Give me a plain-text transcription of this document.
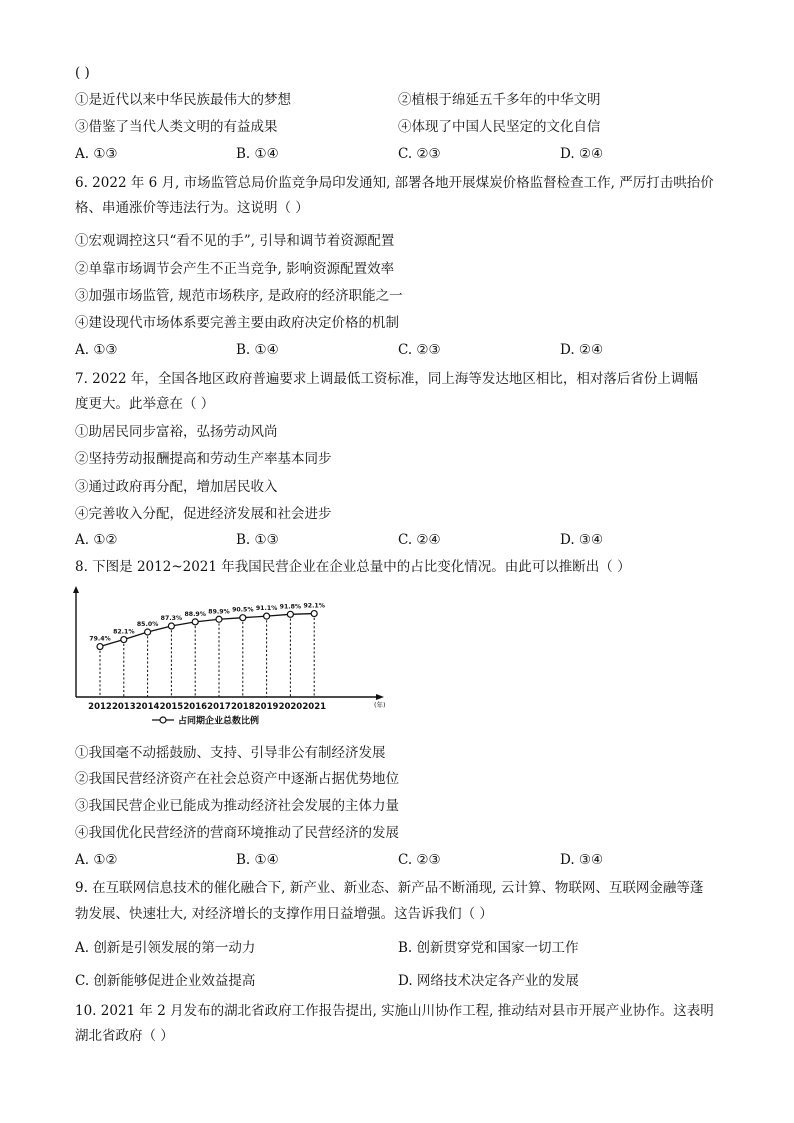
( )
①是近代以来中华民族最伟大的梦想	②植根于绵延五千多年的中华文明
③借鉴了当代人类文明的有益成果	④体现了中国人民坚定的文化自信
A. ①③	B. ①④	C. ②③	D. ②④
6. 2022 年 6 月, 市场监管总局价监竞争局印发通知, 部署各地开展煤炭价格监督检查工作, 严厉打击哄抬价
格、串通涨价等违法行为。这说明（ ）
①宏观调控这只“看不见的手”, 引导和调节着资源配置
②单靠市场调节会产生不正当竞争, 影响资源配置效率
③加强市场监管, 规范市场秩序, 是政府的经济职能之一
④建设现代市场体系要完善主要由政府决定价格的机制
A. ①③	B. ①④	C. ②③	D. ②④
7. 2022 年，全国各地区政府普遍要求上调最低工资标准，同上海等发达地区相比，相对落后省份上调幅
度更大。此举意在（ ）
①助居民同步富裕，弘扬劳动风尚
②坚持劳动报酬提高和劳动生产率基本同步
③通过政府再分配，增加居民收入
④完善收入分配，促进经济发展和社会进步
A. ①②	B. ①③	C. ②④	D. ③④
8. 下图是 2012~2021 年我国民营企业在企业总量中的占比变化情况。由此可以推断出（ ）
(年)
79.4%
82.1%
85.0%
87.3%
88.9% 89.9% 90.5% 91.1% 91.8% 92.1%
2012 2013 2014 2015 2016 2017 2018 2019 2020 2021
占同期企业总数比例
①我国毫不动摇鼓励、支持、引导非公有制经济发展
②我国民营经济资产在社会总资产中逐渐占据优势地位
③我国民营企业已能成为推动经济社会发展的主体力量
④我国优化民营经济的营商环境推动了民营经济的发展
A. ①②	B. ①④	C. ②③	D. ③④
9. 在互联网信息技术的催化融合下, 新产业、新业态、新产品不断涌现, 云计算、物联网、互联网金融等蓬
勃发展、快速壮大, 对经济增长的支撑作用日益增强。这告诉我们（ ）
A. 创新是引领发展的第一动力	B. 创新贯穿党和国家一切工作
C. 创新能够促进企业效益提高	D. 网络技术决定各产业的发展
10. 2021 年 2 月发布的湖北省政府工作报告提出, 实施山川协作工程, 推动结对县市开展产业协作。这表明
湖北省政府（ ）
